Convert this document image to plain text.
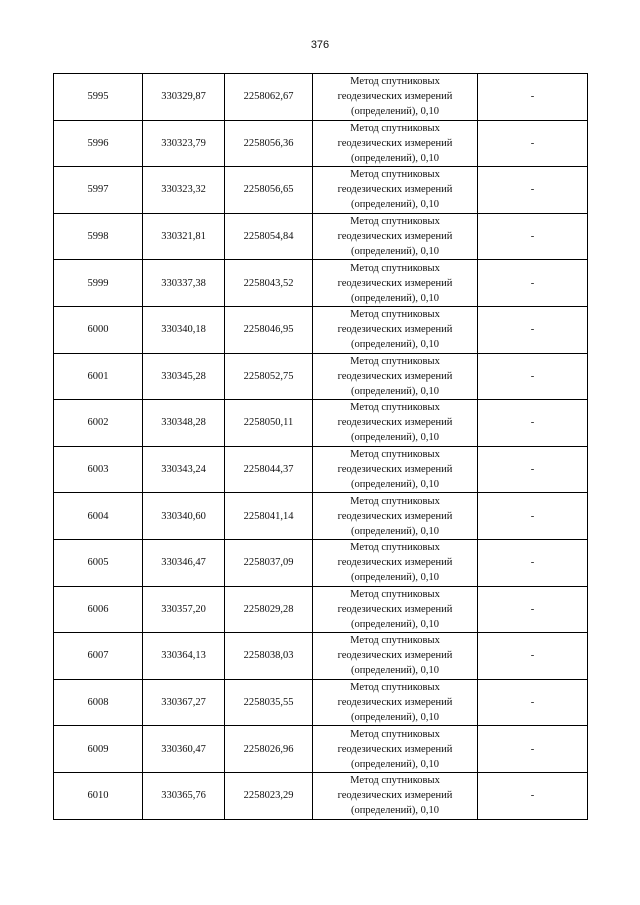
376
5995	330329,87	2258062,67	Метод спутниковых
геодезических измерений
(определений), 0,10	-
5996	330323,79	2258056,36	Метод спутниковых
геодезических измерений
(определений), 0,10	-
5997	330323,32	2258056,65	Метод спутниковых
геодезических измерений
(определений), 0,10	-
5998	330321,81	2258054,84	Метод спутниковых
геодезических измерений
(определений), 0,10	-
5999	330337,38	2258043,52	Метод спутниковых
геодезических измерений
(определений), 0,10	-
6000	330340,18	2258046,95	Метод спутниковых
геодезических измерений
(определений), 0,10	-
6001	330345,28	2258052,75	Метод спутниковых
геодезических измерений
(определений), 0,10	-
6002	330348,28	2258050,11	Метод спутниковых
геодезических измерений
(определений), 0,10	-
6003	330343,24	2258044,37	Метод спутниковых
геодезических измерений
(определений), 0,10	-
6004	330340,60	2258041,14	Метод спутниковых
геодезических измерений
(определений), 0,10	-
6005	330346,47	2258037,09	Метод спутниковых
геодезических измерений
(определений), 0,10	-
6006	330357,20	2258029,28	Метод спутниковых
геодезических измерений
(определений), 0,10	-
6007	330364,13	2258038,03	Метод спутниковых
геодезических измерений
(определений), 0,10	-
6008	330367,27	2258035,55	Метод спутниковых
геодезических измерений
(определений), 0,10	-
6009	330360,47	2258026,96	Метод спутниковых
геодезических измерений
(определений), 0,10	-
6010	330365,76	2258023,29	Метод спутниковых
геодезических измерений
(определений), 0,10	-
